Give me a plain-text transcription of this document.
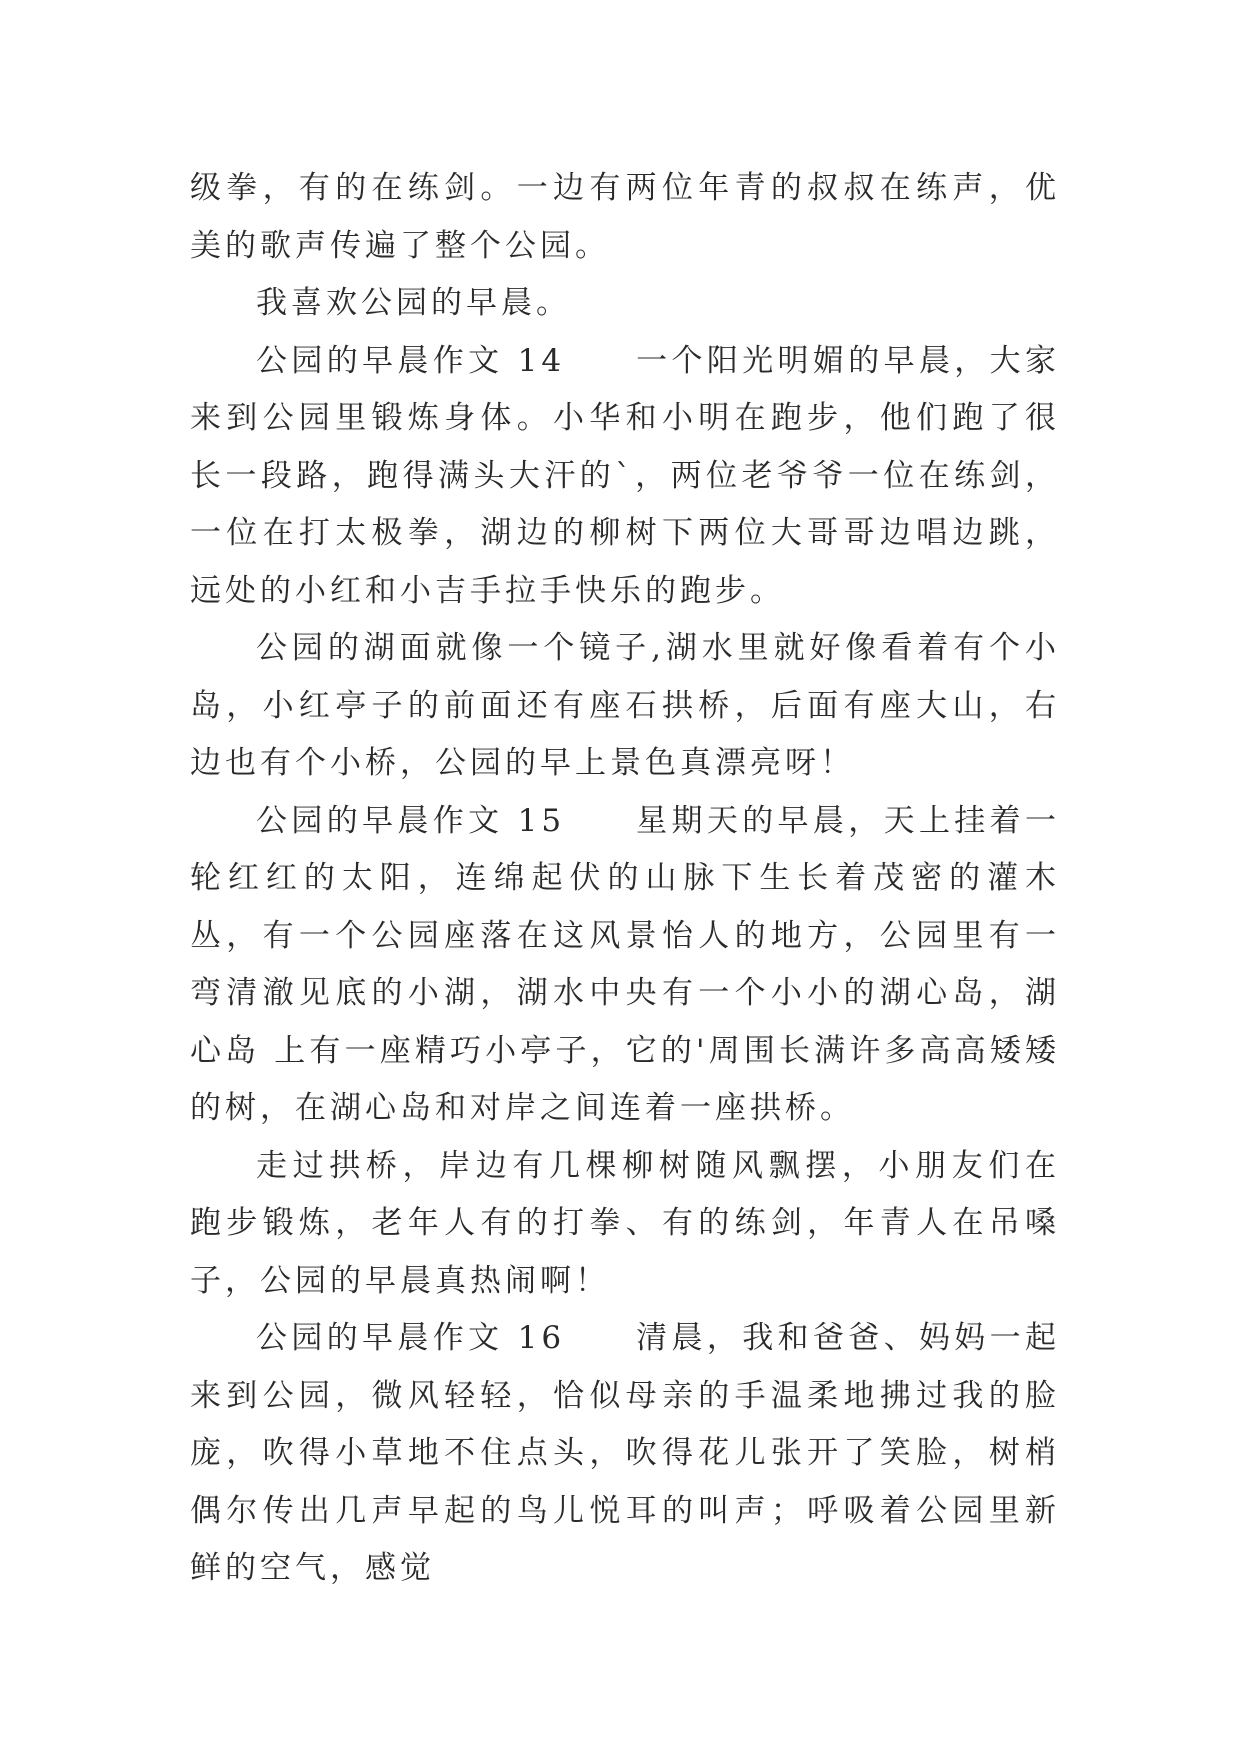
级拳，有的在练剑。一边有两位年青的叔叔在练声，优美的歌声传遍了整个公园。

我喜欢公园的早晨。

公园的早晨作文 14　　一个阳光明媚的早晨，大家来到公园里锻炼身体。小华和小明在跑步，他们跑了很长一段路，跑得满头大汗的`，两位老爷爷一位在练剑，一位在打太极拳，湖边的柳树下两位大哥哥边唱边跳，远处的小红和小吉手拉手快乐的跑步。

公园的湖面就像一个镜子,湖水里就好像看着有个小岛，小红亭子的前面还有座石拱桥，后面有座大山，右边也有个小桥，公园的早上景色真漂亮呀！

公园的早晨作文 15　　星期天的早晨，天上挂着一轮红红的太阳，连绵起伏的山脉下生长着茂密的灌木丛，有一个公园座落在这风景怡人的地方，公园里有一弯清澈见底的小湖，湖水中央有一个小小的湖心岛，湖心岛 上有一座精巧小亭子，它的'周围长满许多高高矮矮的树，在湖心岛和对岸之间连着一座拱桥。

走过拱桥，岸边有几棵柳树随风飘摆，小朋友们在跑步锻炼，老年人有的打拳、有的练剑，年青人在吊嗓子，公园的早晨真热闹啊！

公园的早晨作文 16　　清晨，我和爸爸、妈妈一起来到公园，微风轻轻，恰似母亲的手温柔地拂过我的脸庞，吹得小草地不住点头，吹得花儿张开了笑脸，树梢偶尔传出几声早起的鸟儿悦耳的叫声；呼吸着公园里新鲜的空气，感觉
